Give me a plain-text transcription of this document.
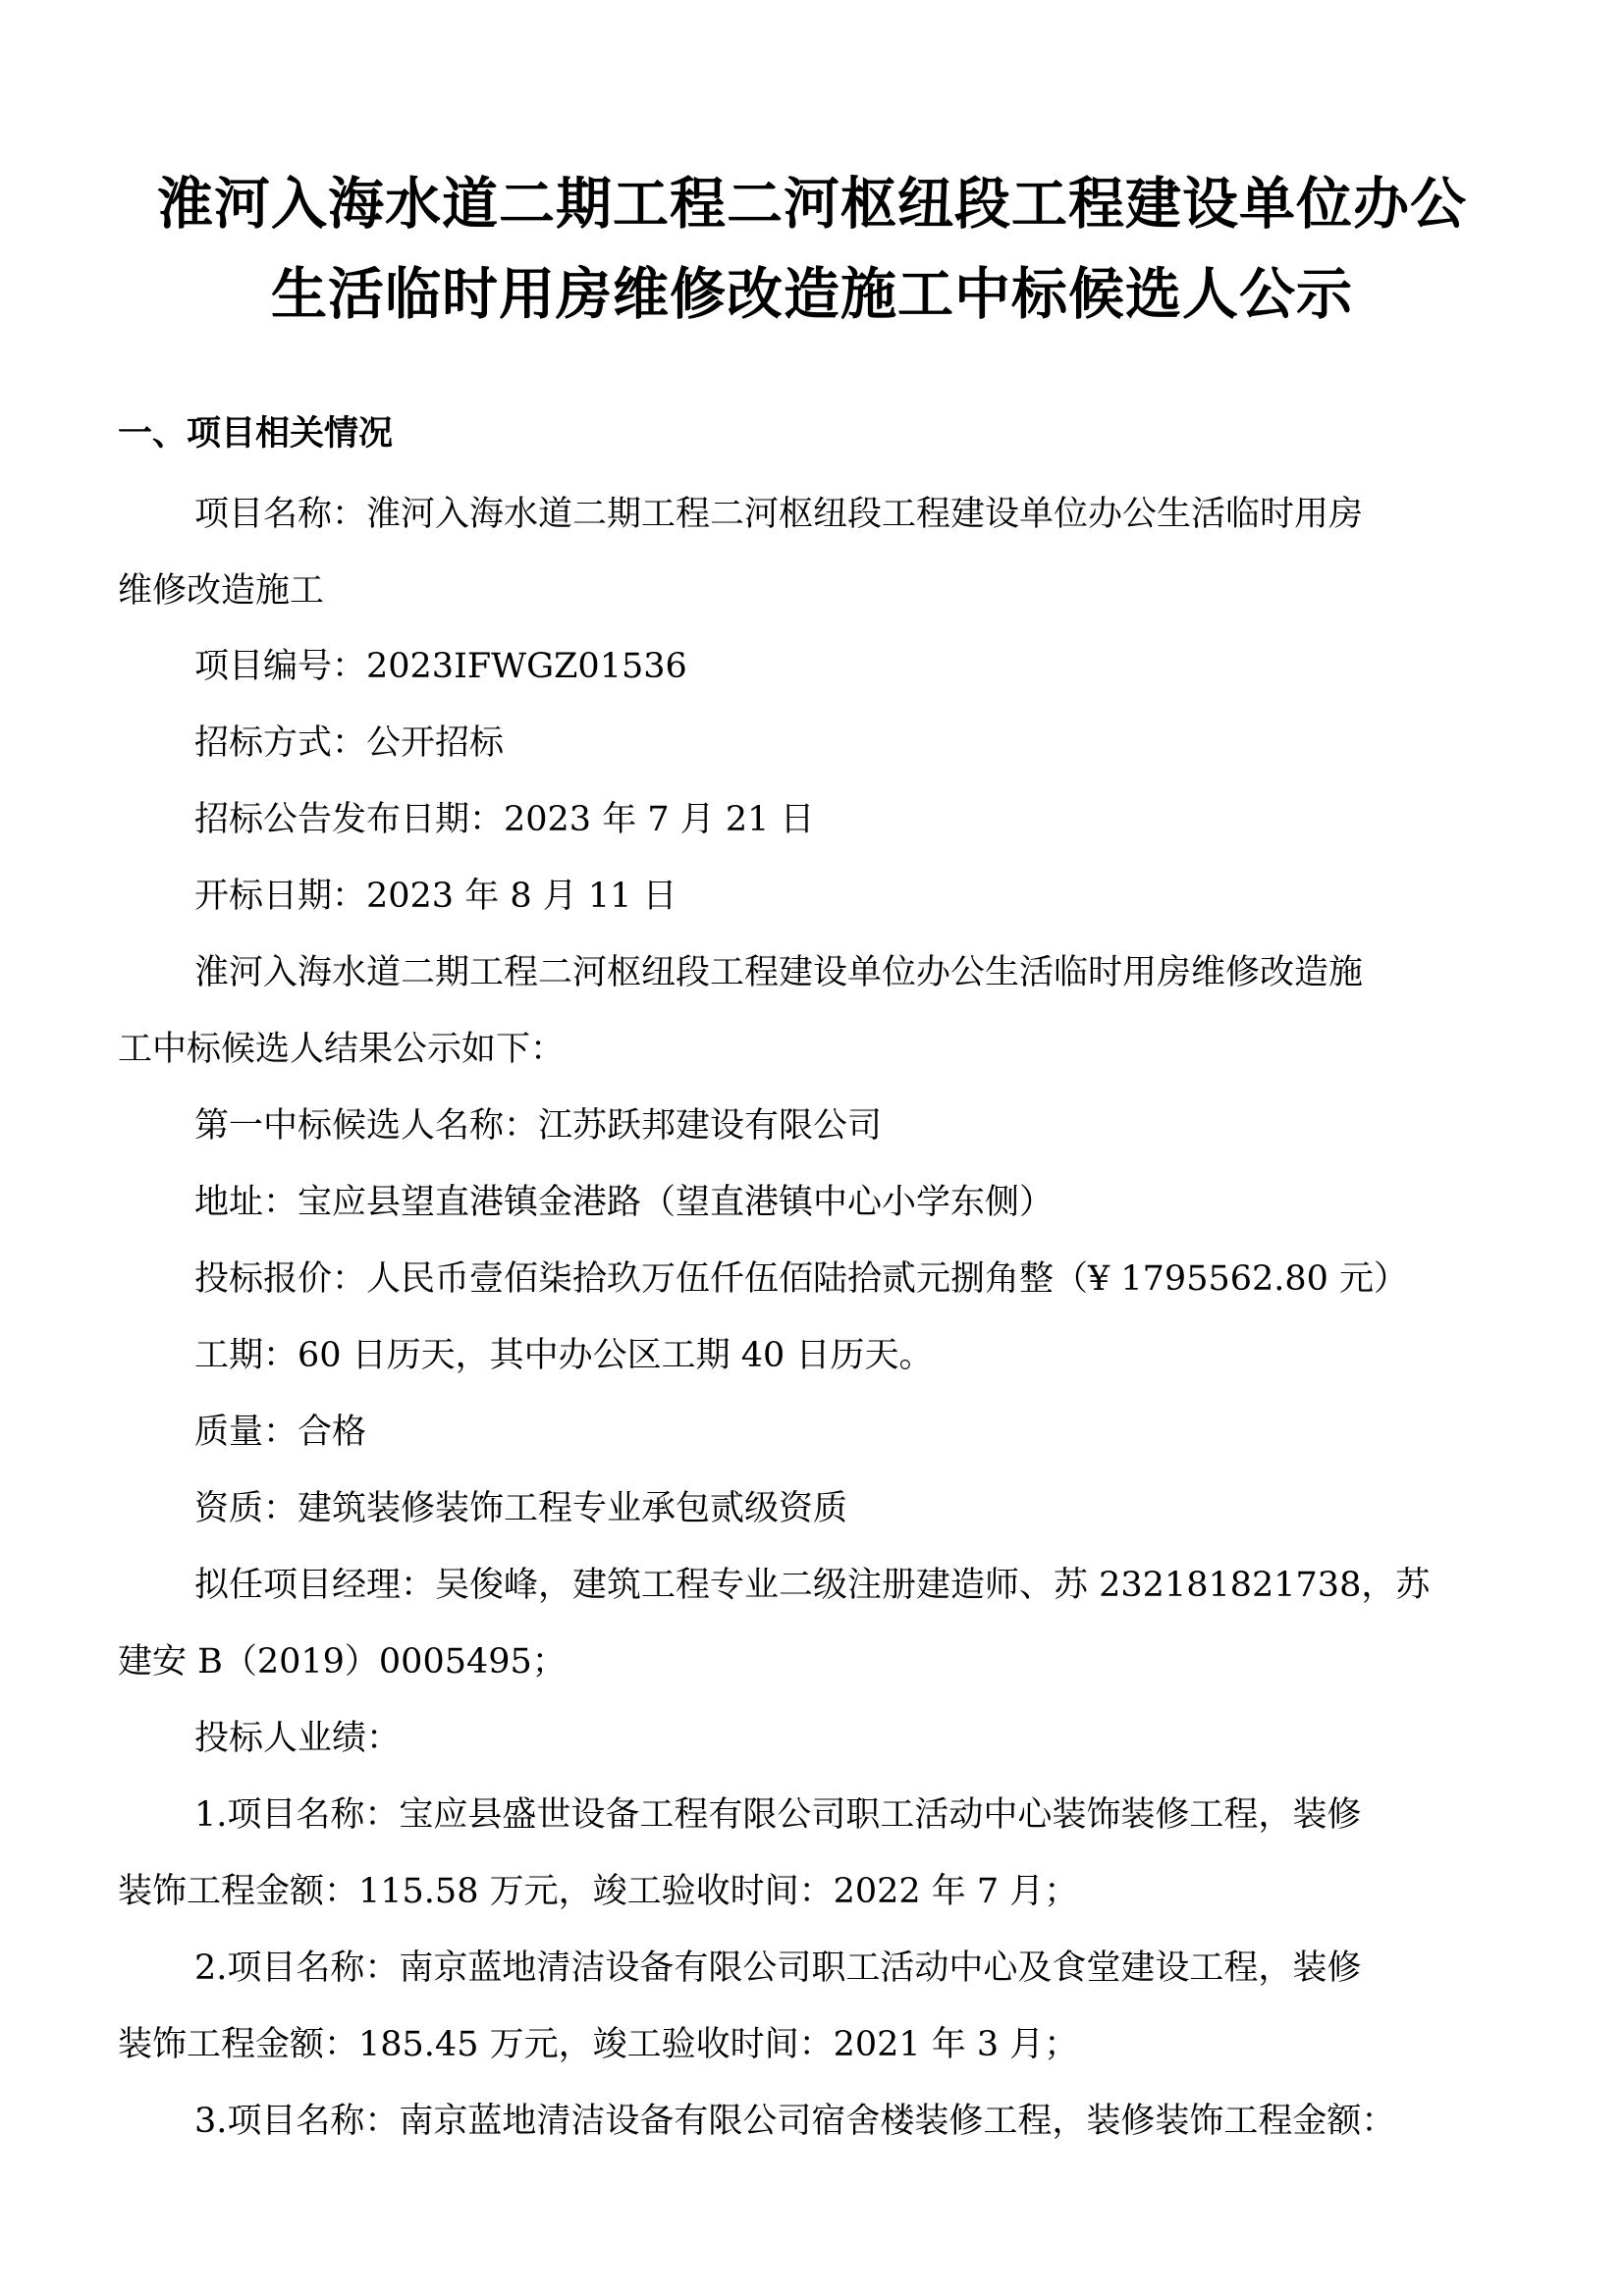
淮河入海水道二期工程二河枢纽段工程建设单位办公
生活临时用房维修改造施工中标候选人公示
一、项目相关情况
项目名称：淮河入海水道二期工程二河枢纽段工程建设单位办公生活临时用房
维修改造施工
项目编号：2023IFWGZ01536
招标方式：公开招标
招标公告发布日期：2023 年 7 月 21 日
开标日期：2023 年 8 月 11 日
淮河入海水道二期工程二河枢纽段工程建设单位办公生活临时用房维修改造施
工中标候选人结果公示如下：
第一中标候选人名称：江苏跃邦建设有限公司
地址：宝应县望直港镇金港路（望直港镇中心小学东侧）
投标报价：人民币壹佰柒拾玖万伍仟伍佰陆拾贰元捌角整（¥ 1795562.80 元）
工期：60 日历天，其中办公区工期 40 日历天。
质量：合格
资质：建筑装修装饰工程专业承包贰级资质
拟任项目经理：吴俊峰，建筑工程专业二级注册建造师、苏 232181821738，苏
建安 B（2019）0005495；
投标人业绩：
1.项目名称：宝应县盛世设备工程有限公司职工活动中心装饰装修工程，装修
装饰工程金额：115.58 万元，竣工验收时间：2022 年 7 月；
2.项目名称：南京蓝地清洁设备有限公司职工活动中心及食堂建设工程，装修
装饰工程金额：185.45 万元，竣工验收时间：2021 年 3 月；
3.项目名称：南京蓝地清洁设备有限公司宿舍楼装修工程，装修装饰工程金额：
